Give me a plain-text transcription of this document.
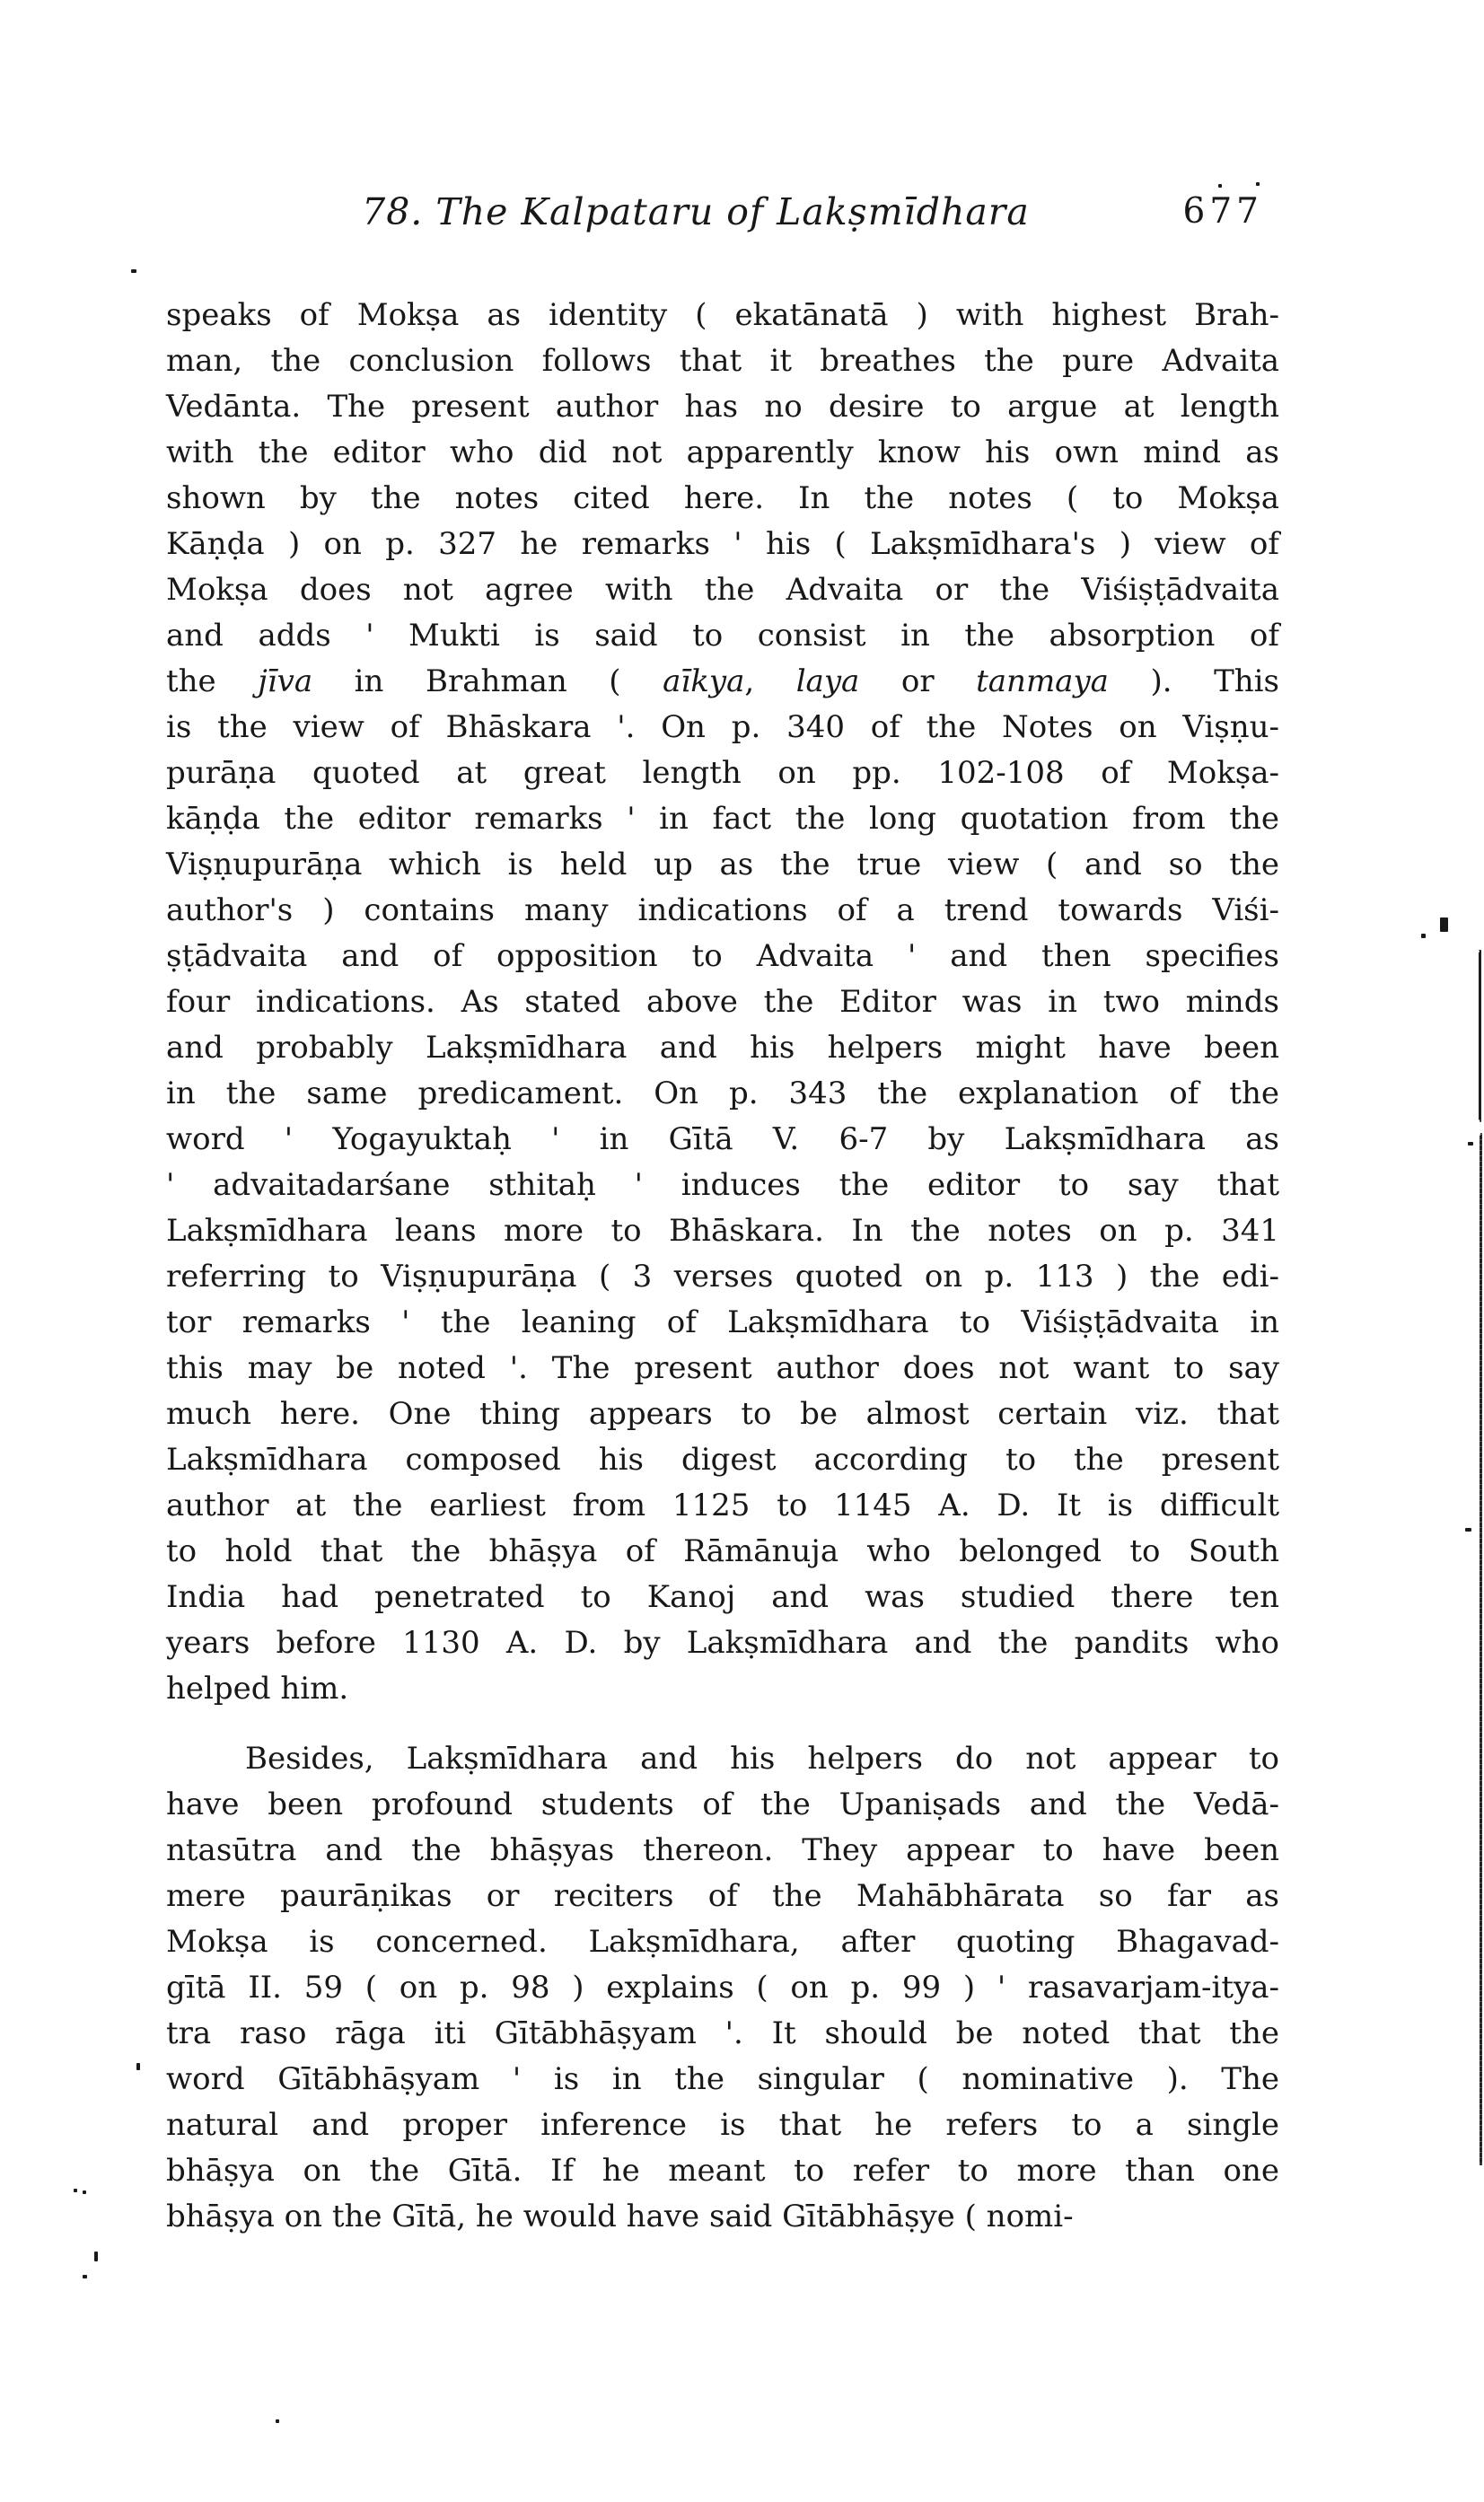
78. The Kalpataru of Lakṣmīdhara	677
speaks of Mokṣa as identity ( ekatānatā ) with highest Brah-
man, the conclusion follows that it breathes the pure Advaita
Vedānta. The present author has no desire to argue at length
with the editor who did not apparently know his own mind as
shown by the notes cited here. In the notes ( to Mokṣa
Kāṇḍa ) on p. 327 he remarks ' his ( Lakṣmīdhara's ) view of
Mokṣa does not agree with the Advaita or the Viśiṣṭādvaita
and adds ' Mukti is said to consist in the absorption of
the jīva in Brahman ( aīkya, laya or tanmaya ). This
is the view of Bhāskara '. On p. 340 of the Notes on Viṣṇu-
purāṇa quoted at great length on pp. 102-108 of Mokṣa-
kāṇḍa the editor remarks ' in fact the long quotation from the
Viṣṇupurāṇa which is held up as the true view ( and so the
author's ) contains many indications of a trend towards Viśi-
ṣṭādvaita and of opposition to Advaita ' and then specifies
four indications. As stated above the Editor was in two minds
and probably Lakṣmīdhara and his helpers might have been
in the same predicament. On p. 343 the explanation of the
word ' Yogayuktaḥ ' in Gītā V. 6-7 by Lakṣmīdhara as
' advaitadarśane sthitaḥ ' induces the editor to say that
Lakṣmīdhara leans more to Bhāskara. In the notes on p. 341
referring to Viṣṇupurāṇa ( 3 verses quoted on p. 113 ) the edi-
tor remarks ' the leaning of Lakṣmīdhara to Viśiṣṭādvaita in
this may be noted '. The present author does not want to say
much here. One thing appears to be almost certain viz. that
Lakṣmīdhara composed his digest according to the present
author at the earliest from 1125 to 1145 A. D. It is difficult
to hold that the bhāṣya of Rāmānuja who belonged to South
India had penetrated to Kanoj and was studied there ten
years before 1130 A. D. by Lakṣmīdhara and the pandits who
helped him.
Besides, Lakṣmīdhara and his helpers do not appear to
have been profound students of the Upaniṣads and the Vedā-
ntasūtra and the bhāṣyas thereon. They appear to have been
mere paurāṇikas or reciters of the Mahābhārata so far as
Mokṣa is concerned. Lakṣmīdhara, after quoting Bhagavad-
gītā II. 59 ( on p. 98 ) explains ( on p. 99 ) ' rasavarjam-itya-
tra raso rāga iti Gītābhāṣyam '. It should be noted that the
word Gītābhāṣyam ' is in the singular ( nominative ). The
natural and proper inference is that he refers to a single
bhāṣya on the Gītā. If he meant to refer to more than one
bhāṣya on the Gītā, he would have said Gītābhāṣye ( nomi-
